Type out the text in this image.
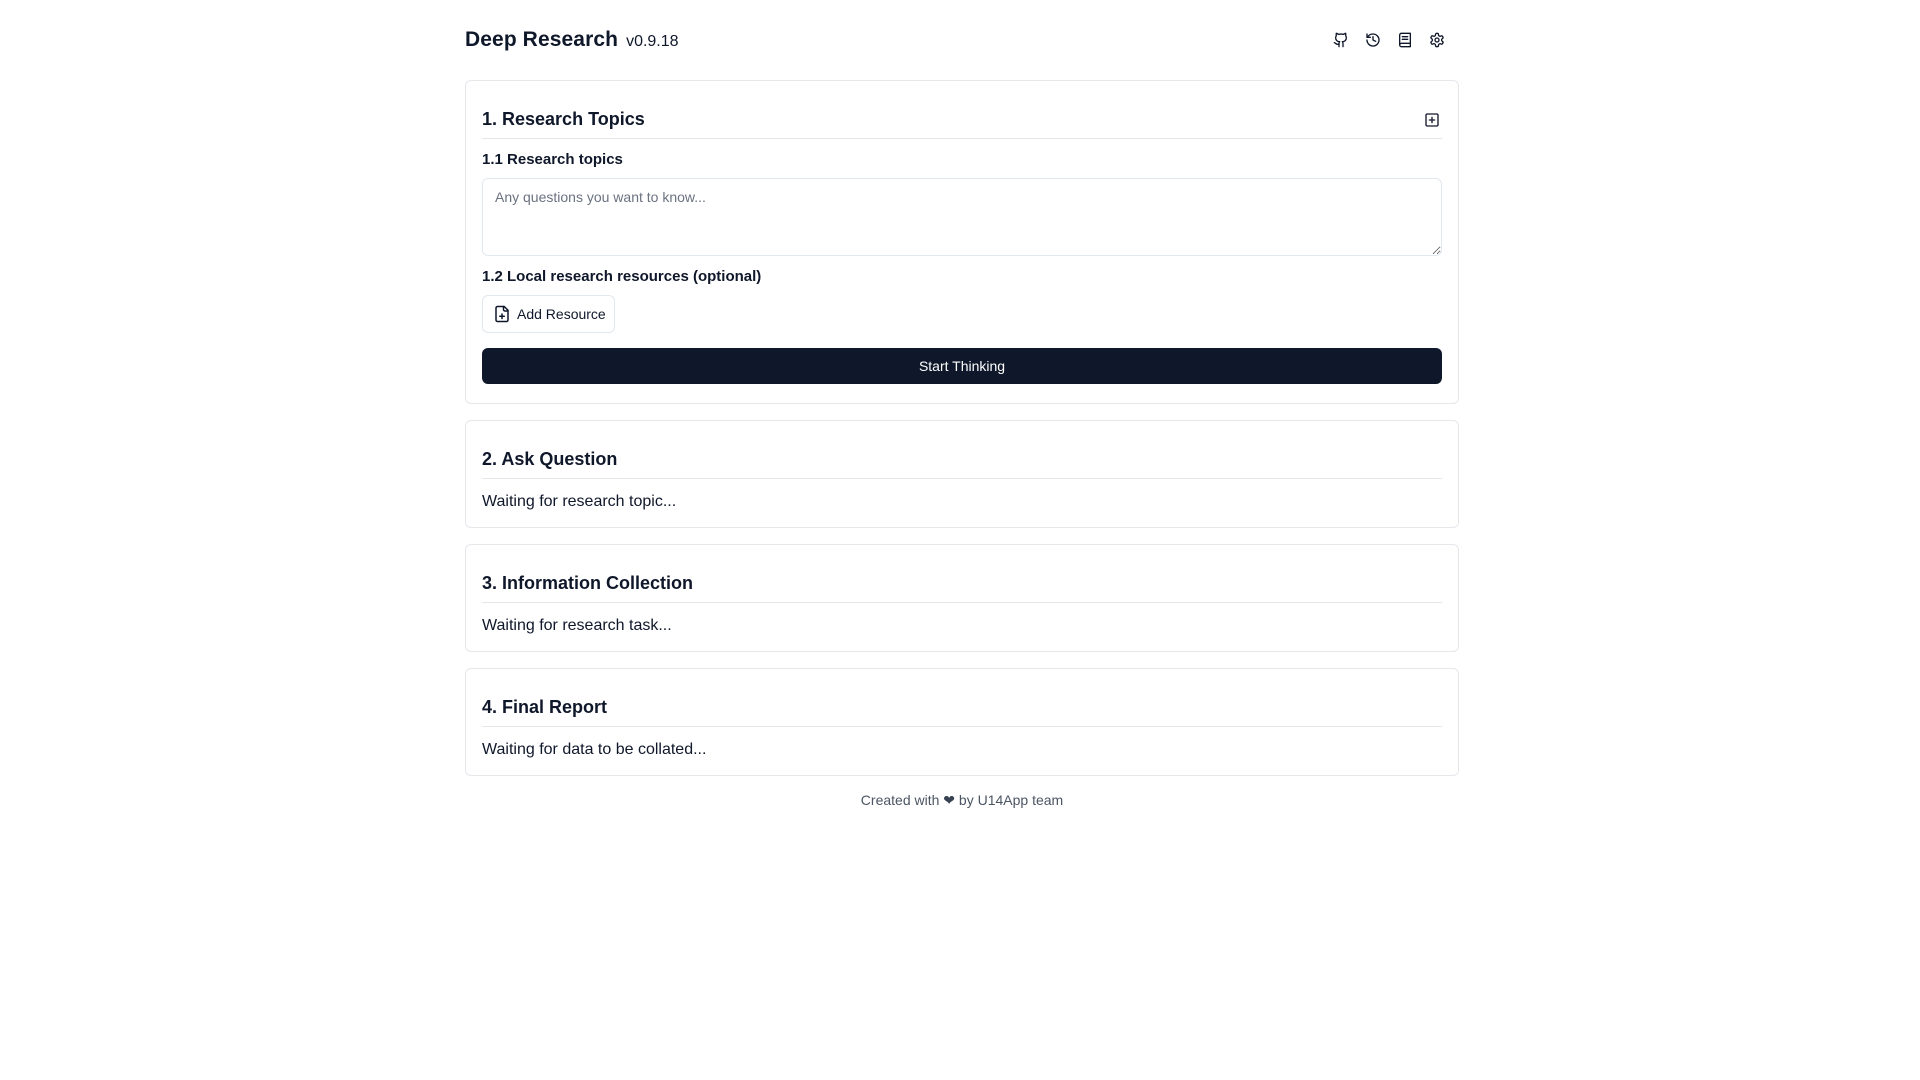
Deep Research v0.9.18
1. Research Topics
1.1 Research topics
Any questions you want to know...
1.2 Local research resources (optional)
Add Resource
Start Thinking
2. Ask Question
Waiting for research topic...
3. Information Collection
Waiting for research task...
4. Final Report
Waiting for data to be collated...
Created with ❤ by U14App team
